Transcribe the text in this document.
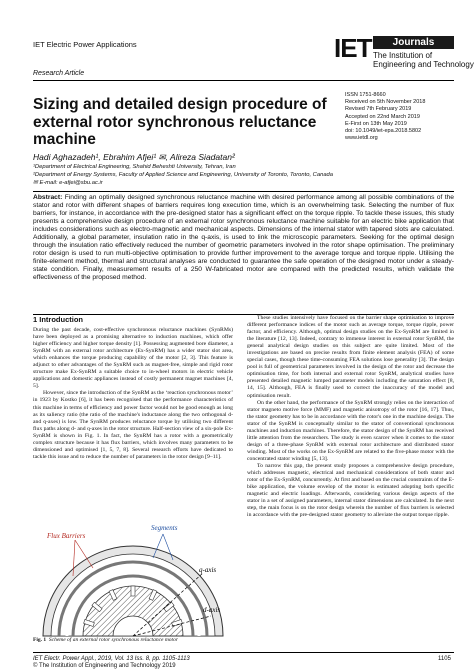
IET Electric Power Applications
Research Article
IET	Journals
The Institution of
Engineering and Technology
Sizing and detailed design procedure of external rotor synchronous reluctance machine
ISSN 1751-8660
Received on 5th November 2018
Revised 7th February 2019
Accepted on 22nd March 2019
E-First on 13th May 2019
doi: 10.1049/iet-epa.2018.5802
www.ietdl.org
Hadi Aghazadeh¹, Ebrahim Afjei¹ ✉, Alireza Siadatan²
¹Department of Electrical Engineering, Shahid Beheshti University, Tehran, Iran
²Department of Energy Systems, Faculty of Applied Science and Engineering, University of Toronto, Toronto, Canada
✉ E-mail: e-afjei@sbu.ac.ir
Abstract: Finding an optimally designed synchronous reluctance machine with desired performance among all possible combinations of the stator and rotor with different shapes of barriers requires long execution time, which is an overwhelming task. Selecting the number of flux barriers, for instance, in accordance with the pre-designed stator has a significant effect on the torque ripple. To tackle these issues, this study presents a comprehensive design procedure of an external rotor synchronous reluctance machine suitable for an electric bike application that includes considerations such as electro-magnetic and mechanical aspects. Dimensions of the internal stator with tapered slots are calculated. Additionally, a global parameter, insulation ratio in the q-axis, is used to link the microscopic parameters. Seeking for the optimal design through the insulation ratio effectively reduced the number of geometric parameters involved in the rotor shape optimisation. The preliminary rotor design is used to run multi-objective optimisation to provide further improvement to the average torque and torque ripple. Utilising the finite-element method, thermal and structural analyses are conducted to guarantee the safe operation of the designed motor under a steady-state condition. Finally, measurement results of a 250 W-fabricated motor are compared with the predicted results, which validate the effectiveness of the proposed method.
1 Introduction

During the past decade, cost-effective synchronous reluctance machines (SynRMs) have been deployed as a promising alternative to induction machines, which offer higher efficiency and higher torque density [1]. Possessing augmented bore diameter, a SynRM with an external rotor architecture (Ex-SynRM) has a wider stator slot area, which enhances the torque producing capability of the motor [2, 3]. This feature is adjunct to other advantages of the SynRM such as magnet-free, simple and rigid rotor structure make Ex-SynRM a suitable choice to in-wheel motors in electric vehicle applications and domestic appliances instead of costly permanent magnet machines [4, 5].

However, since the introduction of the SynRM as the ‘reaction synchronous motor’ in 1923 by Kostko [6], it has been recognised that the performance characteristics of this machine in terms of efficiency and power factor would not be good enough as long as its saliency ratio (the ratio of the machine's inductance along the two orthogonal d- and q-axes) is low. The SynRM produces reluctance torque by utilising two different flux paths along d- and q-axes in the rotor structure. Half-section view of a six-pole Ex-SynRM is shown in Fig. 1. In fact, the SynRM has a rotor with a geometrically complex structure because it has flux barriers, which involves many parameters to be dimensioned and optimised [1, 5, 7, 8]. Several research efforts have dedicated to tackle this issue and to reduce the number of parameters in the rotor design [9–11].

Flux Barriers
Segments
q-axis
d-axis
Fig. 1 Scheme of an external rotor synchronous reluctance motor

These studies intensively have focused on the barrier shape optimisation to improve different performance indices of the motor such as average torque, torque ripple, power factor, and efficiency. Although, optimal design studies on the Ex-SynRM are limited in the literature [12, 13]. Indeed, contrary to immense interest in external rotor SynRM, the general analytical design studies on this subject are quite limited. Most of the investigations are based on precise results from finite element analysis (FEA) of some special cases, though these time-consuming FEA solutions lose generality [3]. The design pool is full of geometrical parameters involved in the design of the rotor and decrease the optimisation time, for both internal and external rotor SynRM, analytical studies have presented detailed magnetic lumped parameter models including the saturation effect [8, 14, 15]. Although, FEA is finally used to correct the inaccuracy of the model and optimisation result.

On the other hand, the performance of the SynRM strongly relies on the interaction of stator magneto motive force (MMF) and magnetic anisotropy of the rotor [16, 17]. Thus, the stator geometry has to be in accordance with the rotor's one in the machine design. The stator of the SynRM is conceptually similar to the stator of conventional synchronous machines and induction machines. Therefore, the stator design of the SynRM has received little attention from the researchers. The study is even scarcer when it comes to the stator design of a three-phase SynRM with external rotor architecture and distributed stator winding. Most of the works on the Ex-SynRM are related to the five-phase motor with the concentrated stator winding [5, 13].

To narrow this gap, the present study proposes a comprehensive design procedure, which addresses magnetic, electrical and mechanical considerations of both stator and rotor of the Ex-SynRM, concurrently. At first and based on the crucial constraints of the E-bike application, the volume envelop of the motor is estimated adopting both specific magnetic and electric loadings. Afterwards, considering various design aspects of the stator in a set of assigned parameters, internal stator dimensions are calculated. In the next step, the main focus is on the rotor design wherein the number of flux barriers is selected in accordance with the pre-designed stator geometry to alleviate the output torque ripple.

IET Electr. Power Appl., 2019, Vol. 13 Iss. 8, pp. 1105-1113
© The Institution of Engineering and Technology 2019
1105
